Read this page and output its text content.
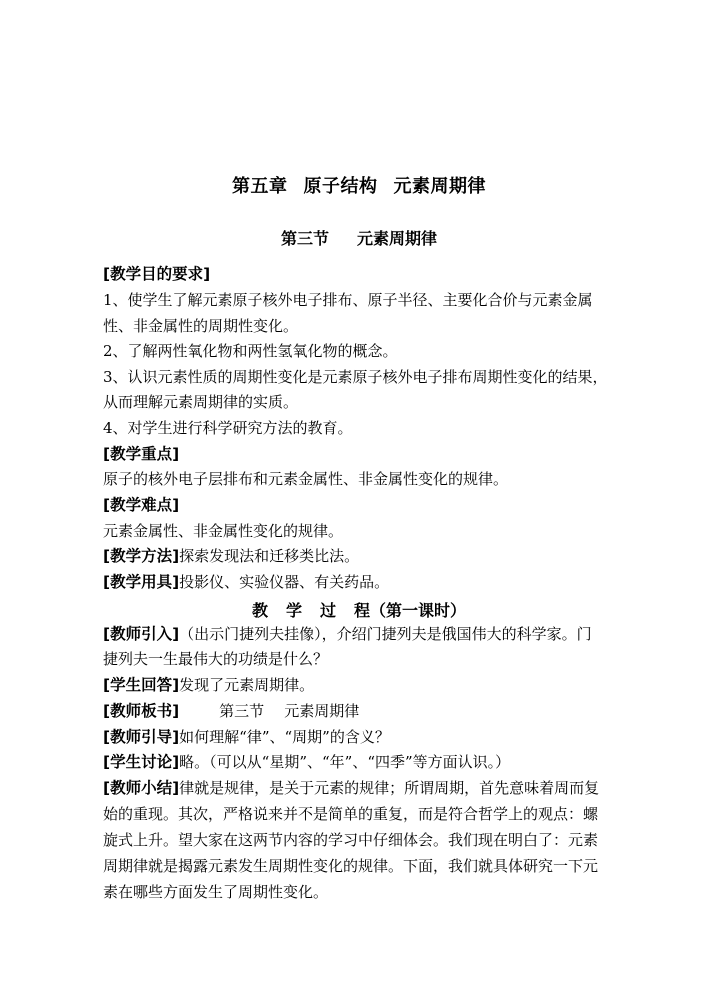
第五章 原子结构 元素周期律
第三节 元素周期律
[教学目的要求]
1、使学生了解元素原子核外电子排布、原子半径、主要化合价与元素金属
性、非金属性的周期性变化。
2、了解两性氧化物和两性氢氧化物的概念。
3、认识元素性质的周期性变化是元素原子核外电子排布周期性变化的结果，
从而理解元素周期律的实质。
4、对学生进行科学研究方法的教育。
[教学重点]
原子的核外电子层排布和元素金属性、非金属性变化的规律。
[教学难点]
元素金属性、非金属性变化的规律。
[教学方法]探索发现法和迁移类比法。
[教学用具]投影仪、实验仪器、有关药品。
教 学 过 程（第一课时）
[教师引入]（出示门捷列夫挂像），介绍门捷列夫是俄国伟大的科学家。门
捷列夫一生最伟大的功绩是什么？
[学生回答]发现了元素周期律。
[教师板书]	第三节 元素周期律
[教师引导]如何理解“律”、“周期”的含义？
[学生讨论]略。（可以从“星期”、“年”、“四季”等方面认识。）
[教师小结]律就是规律，是关于元素的规律；所谓周期，首先意味着周而复
始的重现。其次，严格说来并不是简单的重复，而是符合哲学上的观点：螺
旋式上升。望大家在这两节内容的学习中仔细体会。我们现在明白了：元素
周期律就是揭露元素发生周期性变化的规律。下面，我们就具体研究一下元
素在哪些方面发生了周期性变化。
